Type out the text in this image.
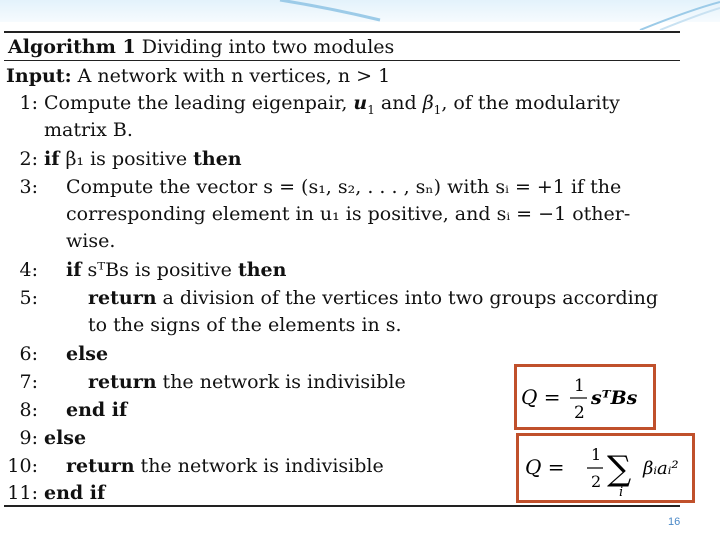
Algorithm 1 Dividing into two modules
Input: A network with n vertices, n > 1
1: Compute the leading eigenpair, $u_1$ and $\beta_1$, of the modularity
matrix B.
2: if β₁ is positive then
3: Compute the vector s = (s₁, s₂, . . . , sₙ) with sᵢ = +1 if the
corresponding element in u₁ is positive, and sᵢ = −1 other-
wise.
4: if sᵀBs is positive then
5:	return a division of the vertices into two groups according
to the signs of the elements in s.
6: else
7:	return the network is indivisible
8: end if
9: else
10: return the network is indivisible
11: end if
Q = 1
2
sᵀBs
Q =
1
2 ∑
i
βᵢaᵢ²
16
